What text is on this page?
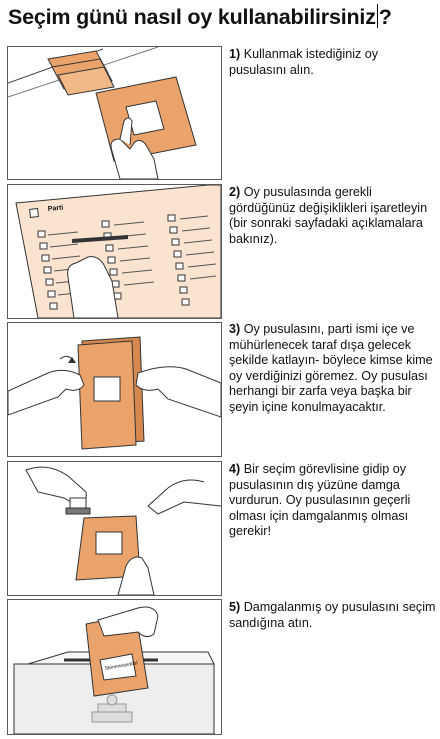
Seçim günü nasıl oy kullanabilirsiniz ?
1) Kullanmak istediğiniz oy pusulasını alın.
Parti
2) Oy pusulasında gerekli gördüğünüz değişiklikleri işaretleyin (bir sonraki sayfadaki açıklamalara bakınız).
3) Oy pusulasını, parti ismi içe ve mühürlenecek taraf dışa gelecek şekilde katlayın- böylece kimse kime oy verdiğinizi göremez. Oy pusulası herhangi bir zarfa veya başka bir şeyin içine konulmayacaktır.
4) Bir seçim görevlisine gidip oy pusulasının dış yüzüne damga vurdurun. Oy pusulasının geçerli olması için damgalanmış olması gerekir!
Stemmeseddel
5) Damgalanmış oy pusulasını seçim sandığına atın.
